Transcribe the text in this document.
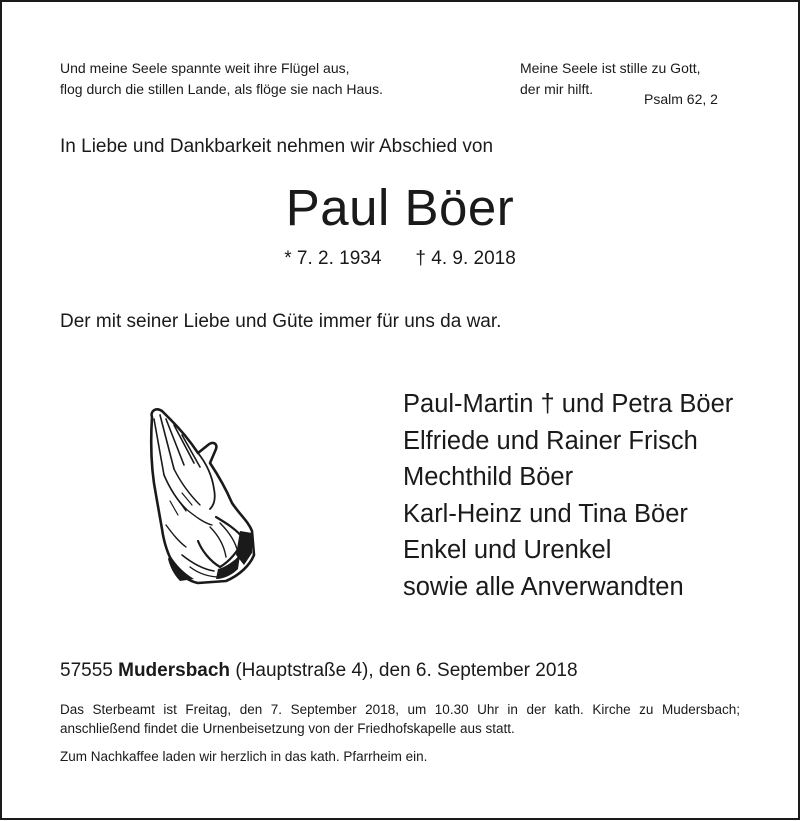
Und meine Seele spannte weit ihre Flügel aus,
flog durch die stillen Lande, als flöge sie nach Haus.
Meine Seele ist stille zu Gott,
der mir hilft.
Psalm 62, 2
In Liebe und Dankbarkeit nehmen wir Abschied von
Paul Böer
* 7. 2. 1934 † 4. 9. 2018
Der mit seiner Liebe und Güte immer für uns da war.
Paul-Martin † und Petra Böer
Elfriede und Rainer Frisch
Mechthild Böer
Karl-Heinz und Tina Böer
Enkel und Urenkel
sowie alle Anverwandten
57555 Mudersbach (Hauptstraße 4), den 6. September 2018
Das Sterbeamt ist Freitag, den 7. September 2018, um 10.30 Uhr in der kath. Kirche zu Mudersbach; anschließend findet die Urnenbeisetzung von der Friedhofskapelle aus statt.
Zum Nachkaffee laden wir herzlich in das kath. Pfarrheim ein.
